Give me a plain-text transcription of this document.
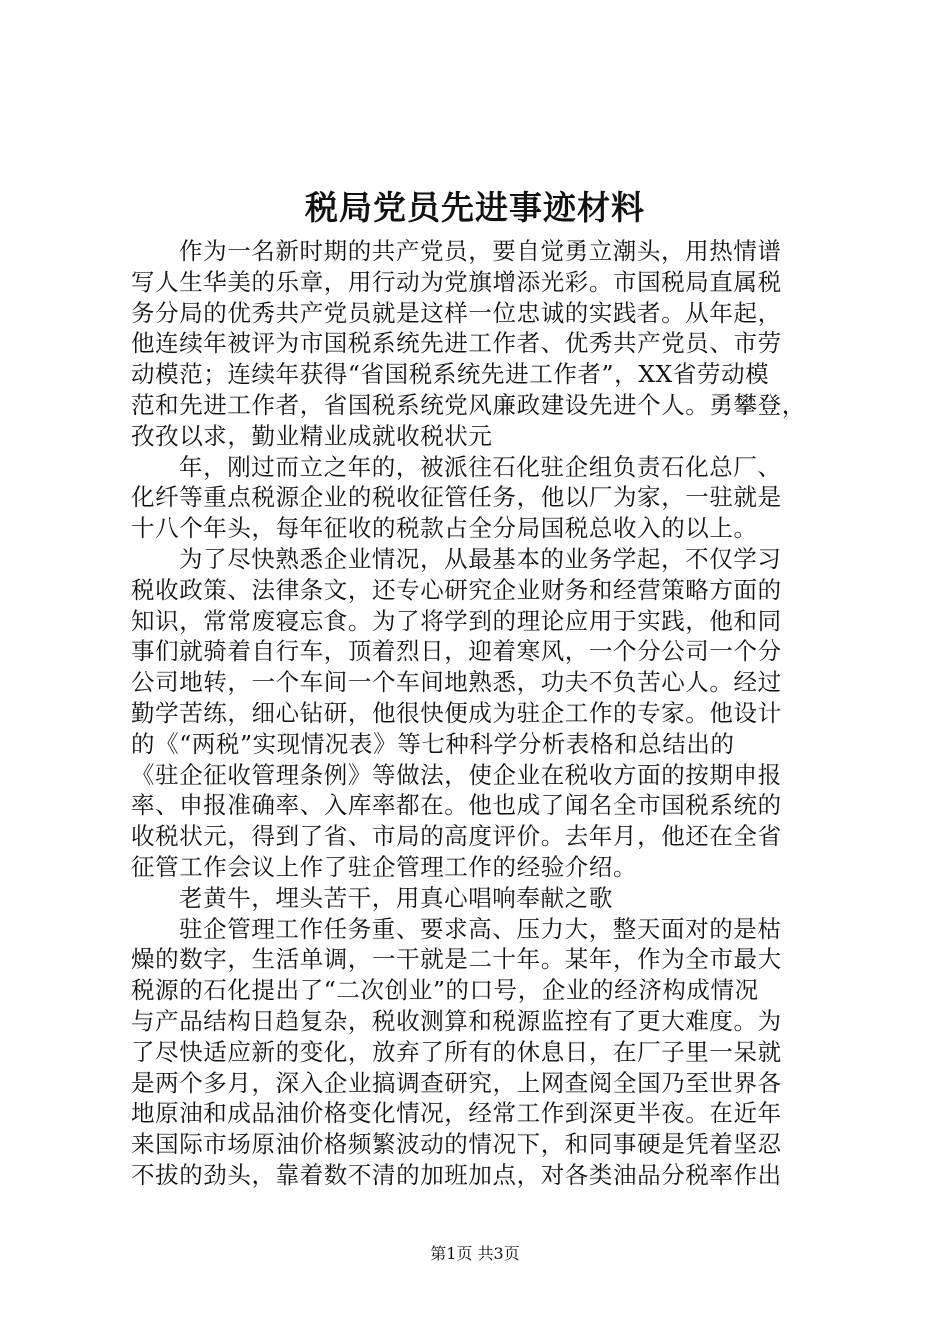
税局党员先进事迹材料
作为一名新时期的共产党员，要自觉勇立潮头，用热情谱
写人生华美的乐章，用行动为党旗增添光彩。市国税局直属税
务分局的优秀共产党员就是这样一位忠诚的实践者。从年起，
他连续年被评为市国税系统先进工作者、优秀共产党员、市劳
动模范；连续年获得“省国税系统先进工作者”，XX省劳动模
范和先进工作者，省国税系统党风廉政建设先进个人。勇攀登，
孜孜以求，勤业精业成就收税状元
年，刚过而立之年的，被派往石化驻企组负责石化总厂、
化纤等重点税源企业的税收征管任务，他以厂为家，一驻就是
十八个年头，每年征收的税款占全分局国税总收入的以上。
为了尽快熟悉企业情况，从最基本的业务学起，不仅学习
税收政策、法律条文，还专心研究企业财务和经营策略方面的
知识，常常废寝忘食。为了将学到的理论应用于实践，他和同
事们就骑着自行车，顶着烈日，迎着寒风，一个分公司一个分
公司地转，一个车间一个车间地熟悉，功夫不负苦心人。经过
勤学苦练，细心钻研，他很快便成为驻企工作的专家。他设计
的《“两税”实现情况表》等七种科学分析表格和总结出的
《驻企征收管理条例》等做法，使企业在税收方面的按期申报
率、申报准确率、入库率都在。他也成了闻名全市国税系统的
收税状元，得到了省、市局的高度评价。去年月，他还在全省
征管工作会议上作了驻企管理工作的经验介绍。
老黄牛，埋头苦干，用真心唱响奉献之歌
驻企管理工作任务重、要求高、压力大，整天面对的是枯
燥的数字，生活单调，一干就是二十年。某年，作为全市最大
税源的石化提出了“二次创业”的口号，企业的经济构成情况
与产品结构日趋复杂，税收测算和税源监控有了更大难度。为
了尽快适应新的变化，放弃了所有的休息日，在厂子里一呆就
是两个多月，深入企业搞调查研究，上网查阅全国乃至世界各
地原油和成品油价格变化情况，经常工作到深更半夜。在近年
来国际市场原油价格频繁波动的情况下，和同事硬是凭着坚忍
不拔的劲头，靠着数不清的加班加点，对各类油品分税率作出
第1页 共3页
